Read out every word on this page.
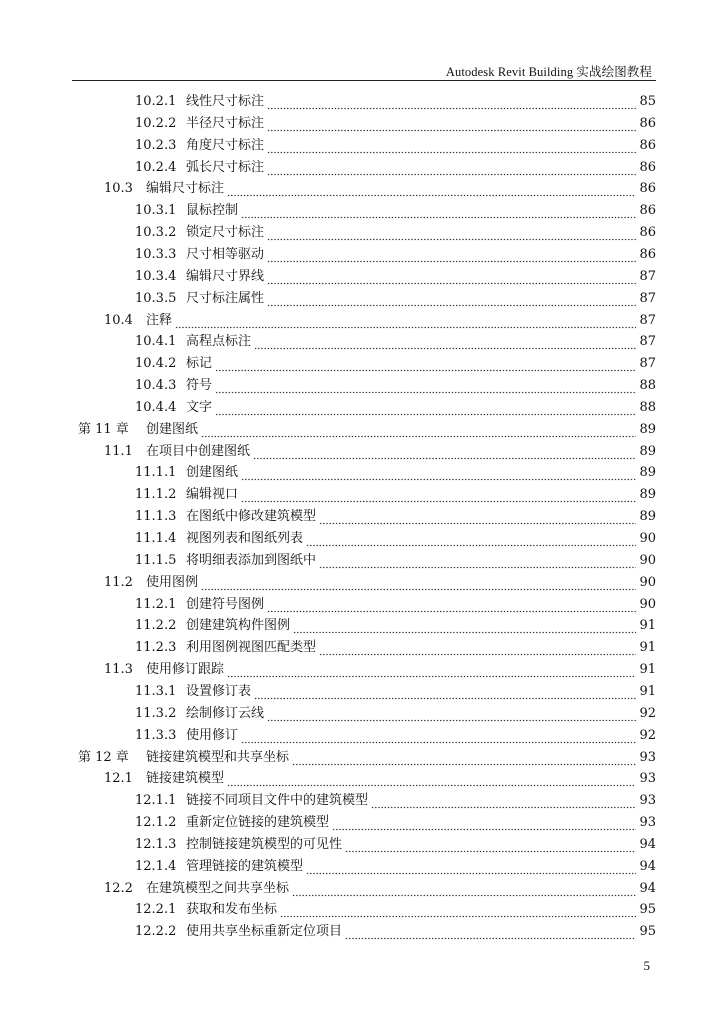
Autodesk Revit Building 实战绘图教程
10.2.1 线性尺寸标注	85
10.2.2 半径尺寸标注	86
10.2.3 角度尺寸标注	86
10.2.4 弧长尺寸标注	86
10.3	编辑尺寸标注	86
10.3.1 鼠标控制	86
10.3.2 锁定尺寸标注	86
10.3.3 尺寸相等驱动	86
10.3.4 编辑尺寸界线	87
10.3.5 尺寸标注属性	87
10.4	注释	87
10.4.1 高程点标注	87
10.4.2 标记	87
10.4.3 符号	88
10.4.4 文字	88
第 11 章	创建图纸	89
11.1	在项目中创建图纸	89
11.1.1 创建图纸	89
11.1.2 编辑视口	89
11.1.3 在图纸中修改建筑模型	89
11.1.4 视图列表和图纸列表	90
11.1.5 将明细表添加到图纸中	90
11.2	使用图例	90
11.2.1 创建符号图例	90
11.2.2 创建建筑构件图例	91
11.2.3 利用图例视图匹配类型	91
11.3	使用修订跟踪	91
11.3.1 设置修订表	91
11.3.2 绘制修订云线	92
11.3.3 使用修订	92
第 12 章	链接建筑模型和共享坐标	93
12.1	链接建筑模型	93
12.1.1 链接不同项目文件中的建筑模型	93
12.1.2 重新定位链接的建筑模型	93
12.1.3 控制链接建筑模型的可见性	94
12.1.4 管理链接的建筑模型	94
12.2	在建筑模型之间共享坐标	94
12.2.1 获取和发布坐标	95
12.2.2 使用共享坐标重新定位项目	95
5
